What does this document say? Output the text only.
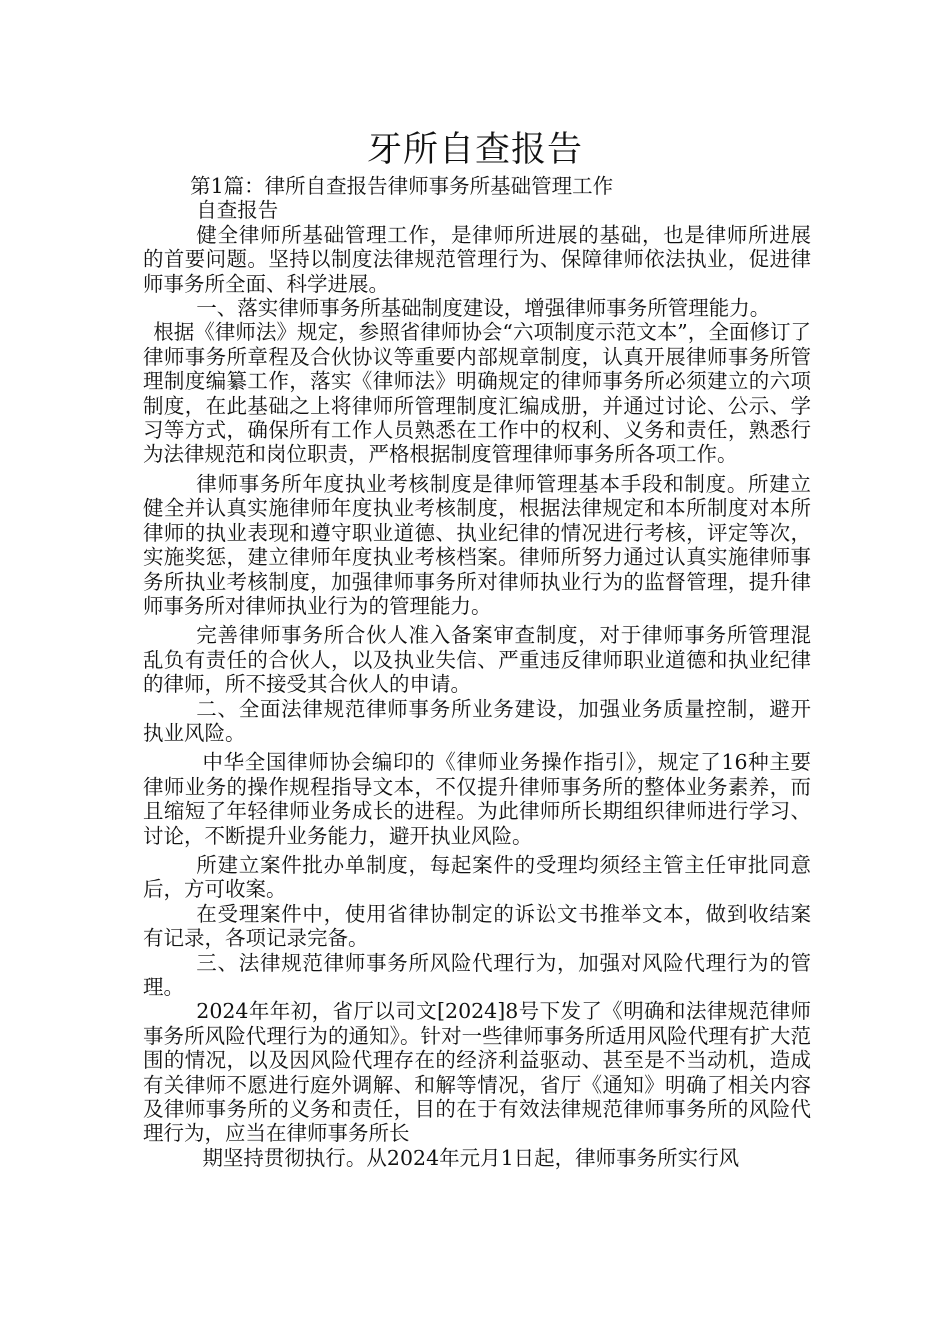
牙所自查报告

第1篇：律所自查报告律师事务所基础管理工作

自查报告

健全律师所基础管理工作，是律师所进展的基础，也是律师所进展的首要问题。坚持以制度法律规范管理行为、保障律师依法执业，促进律师事务所全面、科学进展。

一、落实律师事务所基础制度建设，增强律师事务所管理能力。

根据《律师法》规定，参照省律师协会“六项制度示范文本”，全面修订了律师事务所章程及合伙协议等重要内部规章制度，认真开展律师事务所管理制度编纂工作，落实《律师法》明确规定的律师事务所必须建立的六项制度，在此基础之上将律师所管理制度汇编成册，并通过讨论、公示、学习等方式，确保所有工作人员熟悉在工作中的权利、义务和责任，熟悉行为法律规范和岗位职责，严格根据制度管理律师事务所各项工作。

律师事务所年度执业考核制度是律师管理基本手段和制度。所建立健全并认真实施律师年度执业考核制度，根据法律规定和本所制度对本所律师的执业表现和遵守职业道德、执业纪律的情况进行考核，评定等次，实施奖惩，建立律师年度执业考核档案。律师所努力通过认真实施律师事务所执业考核制度，加强律师事务所对律师执业行为的监督管理，提升律师事务所对律师执业行为的管理能力。

完善律师事务所合伙人准入备案审查制度，对于律师事务所管理混乱负有责任的合伙人，以及执业失信、严重违反律师职业道德和执业纪律的律师，所不接受其合伙人的申请。

二、全面法律规范律师事务所业务建设，加强业务质量控制，避开执业风险。

中华全国律师协会编印的《律师业务操作指引》，规定了16种主要律师业务的操作规程指导文本，不仅提升律师事务所的整体业务素养，而且缩短了年轻律师业务成长的进程。为此律师所长期组织律师进行学习、讨论，不断提升业务能力，避开执业风险。

所建立案件批办单制度，每起案件的受理均须经主管主任审批同意后，方可收案。

在受理案件中，使用省律协制定的诉讼文书推举文本，做到收结案有记录，各项记录完备。

三、法律规范律师事务所风险代理行为，加强对风险代理行为的管理。

2024年年初，省厅以司文[2024]8号下发了《明确和法律规范律师事务所风险代理行为的通知》。针对一些律师事务所适用风险代理有扩大范围的情况，以及因风险代理存在的经济利益驱动、甚至是不当动机，造成有关律师不愿进行庭外调解、和解等情况，省厅《通知》明确了相关内容及律师事务所的义务和责任，目的在于有效法律规范律师事务所的风险代理行为，应当在律师事务所长

期坚持贯彻执行。从2024年元月1日起，律师事务所实行风
